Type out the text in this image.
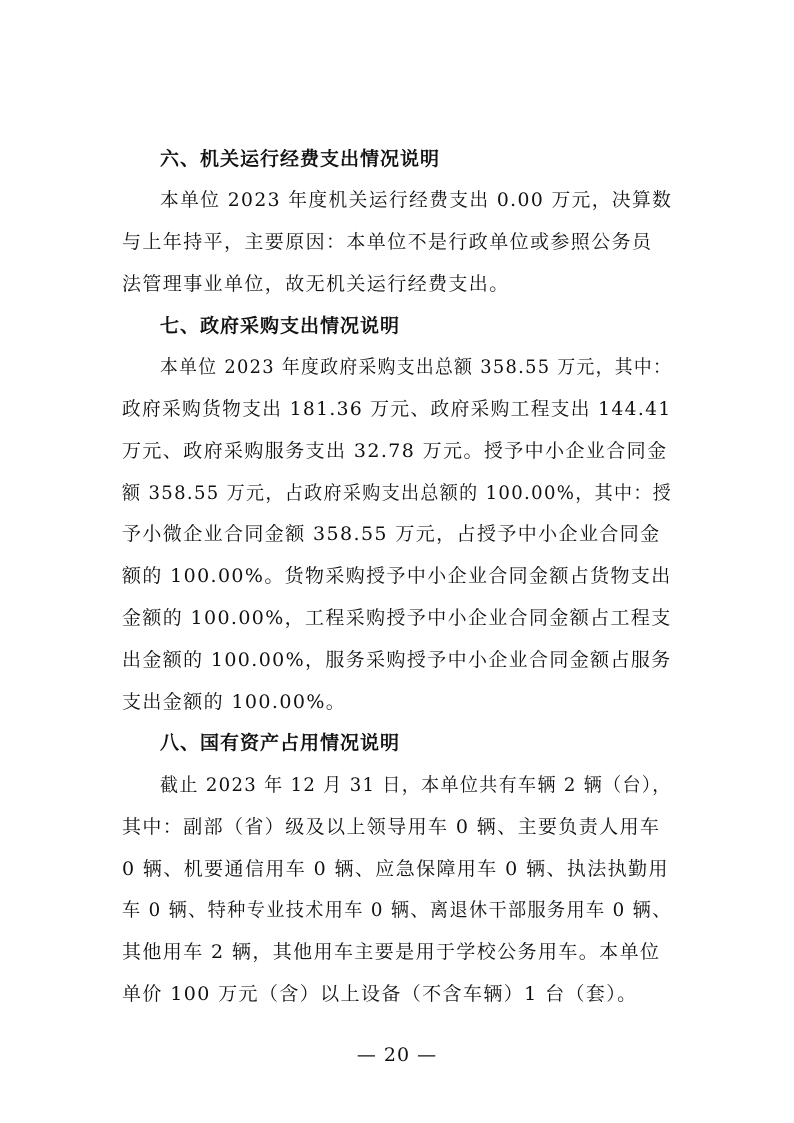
六、机关运行经费支出情况说明
本单位 2023 年度机关运行经费支出 0.00 万元，决算数
与上年持平，主要原因：本单位不是行政单位或参照公务员
法管理事业单位，故无机关运行经费支出。
七、政府采购支出情况说明
本单位 2023 年度政府采购支出总额 358.55 万元，其中：
政府采购货物支出 181.36 万元、政府采购工程支出 144.41
万元、政府采购服务支出 32.78 万元。授予中小企业合同金
额 358.55 万元，占政府采购支出总额的 100.00%，其中：授
予小微企业合同金额 358.55 万元，占授予中小企业合同金
额的 100.00%。货物采购授予中小企业合同金额占货物支出
金额的 100.00%，工程采购授予中小企业合同金额占工程支
出金额的 100.00%，服务采购授予中小企业合同金额占服务
支出金额的 100.00%。
八、国有资产占用情况说明
截止 2023 年 12 月 31 日，本单位共有车辆 2 辆（台），
其中：副部（省）级及以上领导用车 0 辆、主要负责人用车
0 辆、机要通信用车 0 辆、应急保障用车 0 辆、执法执勤用
车 0 辆、特种专业技术用车 0 辆、离退休干部服务用车 0 辆、
其他用车 2 辆，其他用车主要是用于学校公务用车。本单位
单价 100 万元（含）以上设备（不含车辆）1 台（套）。
— 20 —
